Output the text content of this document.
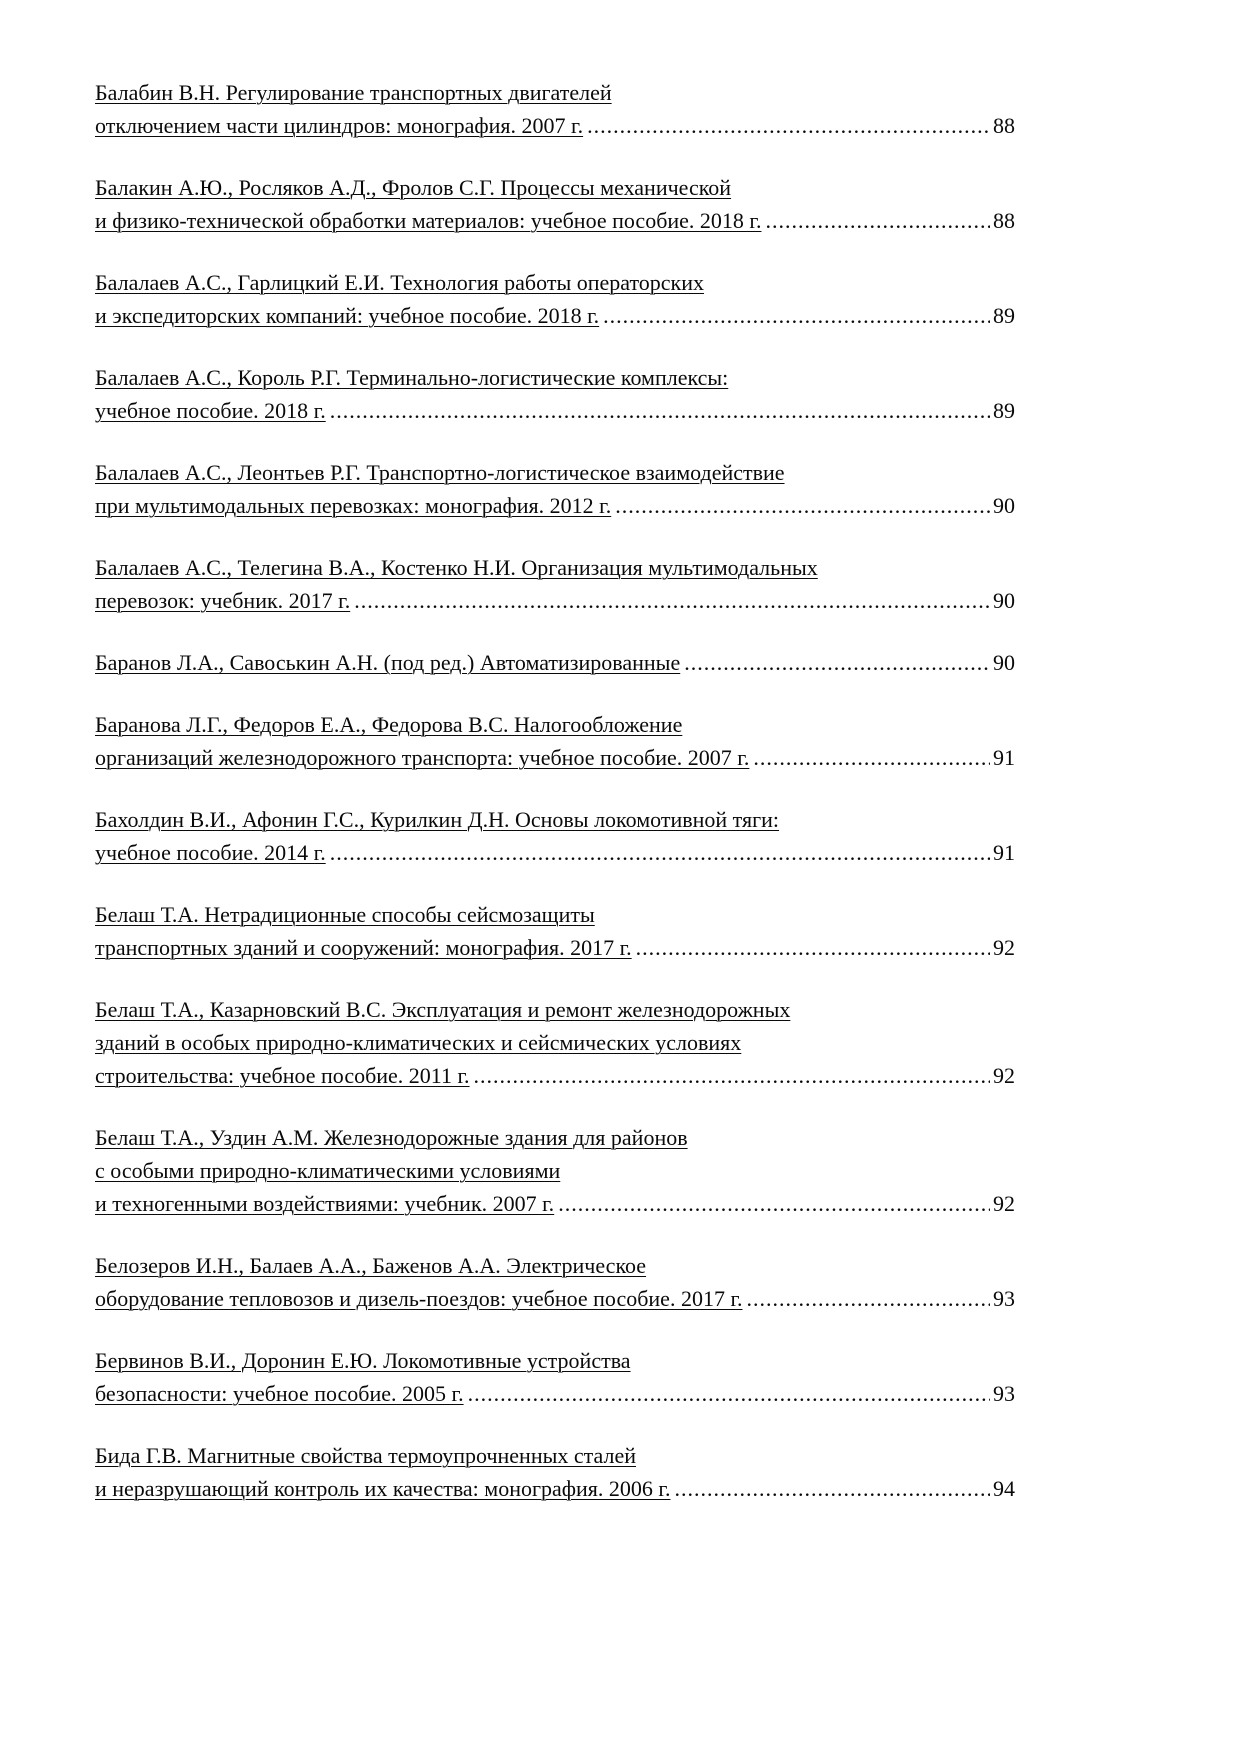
Балабин В.Н. Регулирование транспортных двигателей
отключением части цилиндров: монография. 2007 г. .....	88
Балакин А.Ю., Росляков А.Д., Фролов С.Г. Процессы механической
и физико-технической обработки материалов: учебное пособие. 2018 г. .....	88
Балалаев А.С., Гарлицкий Е.И. Технология работы операторских
и экспедиторских компаний: учебное пособие. 2018 г. .....	89
Балалаев А.С., Король Р.Г. Терминально-логистические комплексы:
учебное пособие. 2018 г. .....	89
Балалаев А.С., Леонтьев Р.Г. Транспортно-логистическое взаимодействие
при мультимодальных перевозках: монография. 2012 г. .....	90
Балалаев А.С., Телегина В.А., Костенко Н.И. Организация мультимодальных
перевозок: учебник. 2017 г. .....	90
Баранов Л.А., Савоськин А.Н. (под ред.) Автоматизированные .....	90
Баранова Л.Г., Федоров Е.А., Федорова В.С. Налогообложение
организаций железнодорожного транспорта: учебное пособие. 2007 г. .....	91
Бахолдин В.И., Афонин Г.С., Курилкин Д.Н. Основы локомотивной тяги:
учебное пособие. 2014 г. .....	91
Белаш Т.А. Нетрадиционные способы сейсмозащиты
транспортных зданий и сооружений: монография. 2017 г. .....	92
Белаш Т.А., Казарновский В.С. Эксплуатация и ремонт железнодорожных
зданий в особых природно-климатических и сейсмических условиях
строительства: учебное пособие. 2011 г. .....	92
Белаш Т.А., Уздин А.М. Железнодорожные здания для районов
с особыми природно-климатическими условиями
и техногенными воздействиями: учебник. 2007 г. .....	92
Белозеров И.Н., Балаев А.А., Баженов А.А. Электрическое
оборудование тепловозов и дизель-поездов: учебное пособие. 2017 г. .....	93
Бервинов В.И., Доронин Е.Ю. Локомотивные устройства
безопасности: учебное пособие. 2005 г. .....	93
Бида Г.В. Магнитные свойства термоупрочненных сталей
и неразрушающий контроль их качества: монография. 2006 г. .....	94
